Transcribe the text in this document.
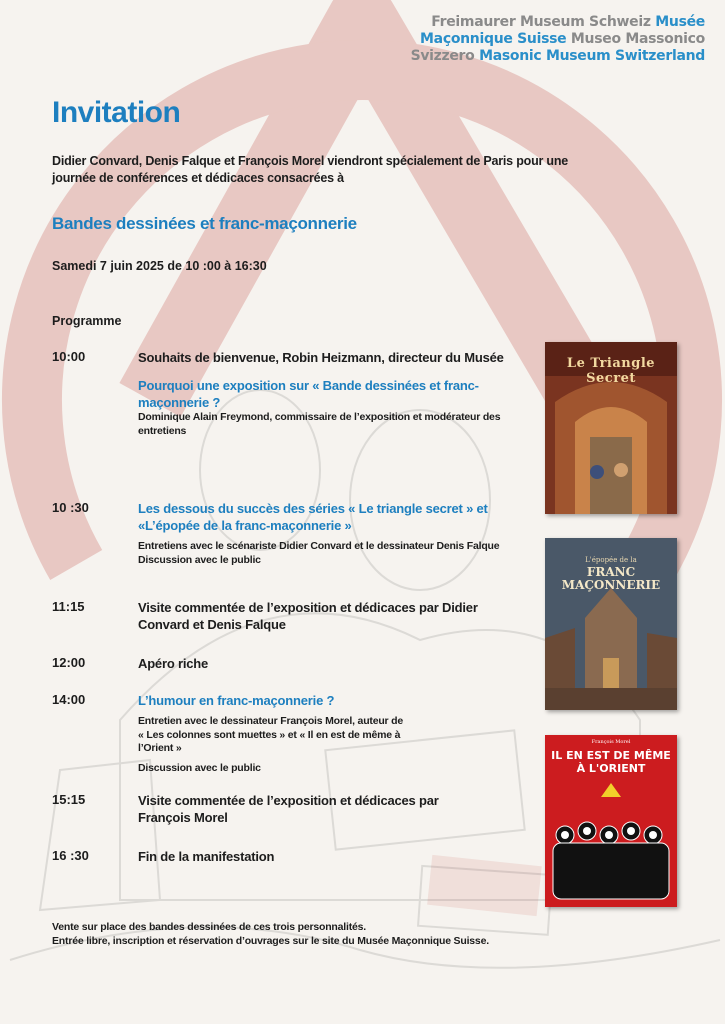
Freimaurer Museum Schweiz Musée
Maçonnique Suisse Museo Massonico
Svizzero Masonic Museum Switzerland
Invitation
Didier Convard, Denis Falque et François Morel viendront spécialement de Paris pour une journée de conférences et dédicaces consacrées à
Bandes dessinées et franc-maçonnerie
Samedi 7 juin 2025 de 10 :00 à 16:30
Programme
10:00	Souhaits de bienvenue, Robin Heizmann, directeur du Musée
Pourquoi une exposition sur « Bande dessinées et franc-maçonnerie ?
Dominique Alain Freymond, commissaire de l’exposition et modérateur des entretiens
10 :30	Les dessous du succès des séries « Le triangle secret » et «L’épopée de la franc-maçonnerie »
Entretiens avec le scénariste Didier Convard et le dessinateur Denis Falque
Discussion avec le public
11:15	Visite commentée de l’exposition et dédicaces par Didier Convard et Denis Falque
12:00	Apéro riche
14:00	L’humour en franc-maçonnerie ?
Entretien avec le dessinateur François Morel, auteur de « Les colonnes sont muettes » et « Il en est de même à l’Orient »
Discussion avec le public
15:15	Visite commentée de l’exposition et dédicaces par François Morel
16 :30	Fin de la manifestation
Le Triangle Secret
L'épopée de la
FRANC MAÇONNERIE
François Morel
IL EN EST DE MÊME À L'ORIENT
Vente sur place des bandes dessinées de ces trois personnalités.
Entrée libre, inscription et réservation d’ouvrages sur le site du Musée Maçonnique Suisse.
